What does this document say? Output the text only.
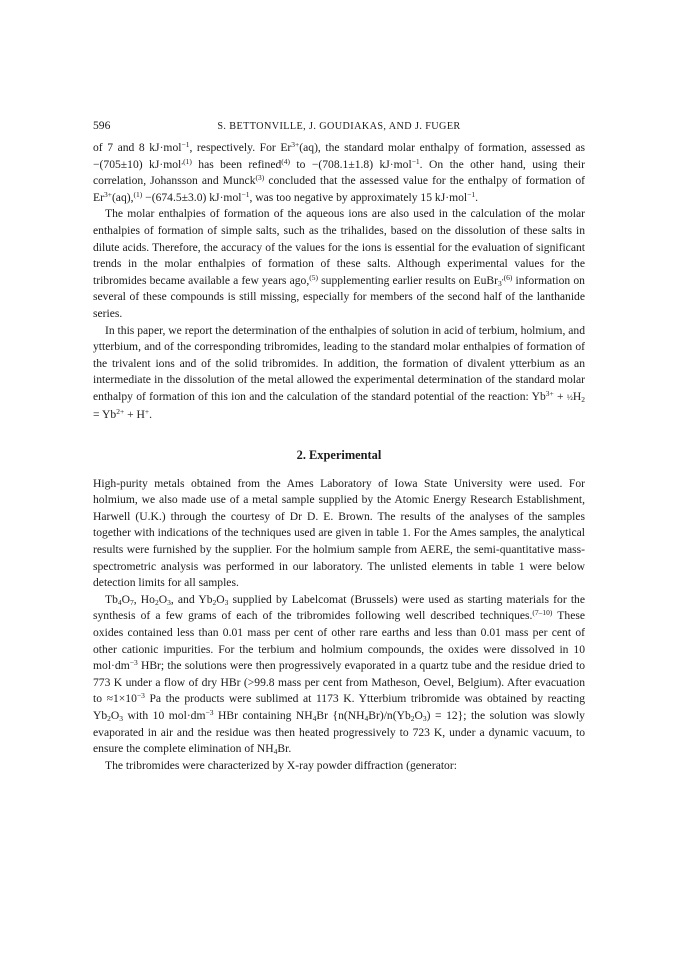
596	S. BETTONVILLE, J. GOUDIAKAS, AND J. FUGER

of 7 and 8 kJ·mol$^{-1}$, respectively. For $Er^{3+}(aq)$, the standard molar enthalpy of formation, assessed as −(705±10) kJ·mol$^{,(1)}$ has been refined$^{(4)}$ to −(708.1±1.8) kJ·mol$^{-1}$. On the other hand, using their correlation, Johansson and Munck$^{(3)}$ concluded that the assessed value for the enthalpy of formation of $Er^{3+}(aq),^{(1)} -(674.5\pm 3.0)$ kJ·mol$^{-1}$, was too negative by approximately 15 kJ·mol$^{-1}$.

The molar enthalpies of formation of the aqueous ions are also used in the calculation of the molar enthalpies of formation of simple salts, such as the trihalides, based on the dissolution of these salts in dilute acids. Therefore, the accuracy of the values for the ions is essential for the evaluation of significant trends in the molar enthalpies of formation of these salts. Although experimental values for the tribromides became available a few years ago,$^{(5)}$ supplementing earlier results on EuBr$_3^{,(6)}$ information on several of these compounds is still missing, especially for members of the second half of the lanthanide series.

In this paper, we report the determination of the enthalpies of solution in acid of terbium, holmium, and ytterbium, and of the corresponding tribromides, leading to the standard molar enthalpies of formation of the trivalent ions and of the solid tribromides. In addition, the formation of divalent ytterbium as an intermediate in the dissolution of the metal allowed the experimental determination of the standard molar enthalpy of formation of this ion and the calculation of the standard potential of the reaction: $Yb^{3+}$ + $\frac{1}{2}H_2 = Yb^{2+} + H^+$.

2. Experimental

High-purity metals obtained from the Ames Laboratory of Iowa State University were used. For holmium, we also made use of a metal sample supplied by the Atomic Energy Research Establishment, Harwell (U.K.) through the courtesy of Dr D. E. Brown. The results of the analyses of the samples together with indications of the techniques used are given in table 1. For the Ames samples, the analytical results were furnished by the supplier. For the holmium sample from AERE, the semi-quantitative mass-spectrometric analysis was performed in our laboratory. The unlisted elements in table 1 were below detection limits for all samples.

$Tb_4O_7$, $Ho_2O_3$, and $Yb_2O_3$ supplied by Labelcomat (Brussels) were used as starting materials for the synthesis of a few grams of each of the tribromides following well described techniques.$^{(7-10)}$ These oxides contained less than 0.01 mass per cent of other rare earths and less than 0.01 mass per cent of other cationic impurities. For the terbium and holmium compounds, the oxides were dissolved in 10 $mol\cdot dm^{-3}$ HBr; the solutions were then progressively evaporated in a quartz tube and the residue dried to 773 K under a flow of dry HBr (>99.8 mass per cent from Matheson, Oevel, Belgium). After evacuation to $\approx 1\times 10^{-3}$ Pa the products were sublimed at 1173 K. Ytterbium tribromide was obtained by reacting $Yb_2O_3$ with 10 $mol\cdot dm^{-3}$ HBr containing $NH_4Br$ $\{n(NH_4Br)/n(Yb_2O_3) = 12\}$; the solution was slowly evaporated in air and the residue was then heated progressively to 723 K, under a dynamic vacuum, to ensure the complete elimination of $NH_4Br$.

The tribromides were characterized by X-ray powder diffraction (generator:
